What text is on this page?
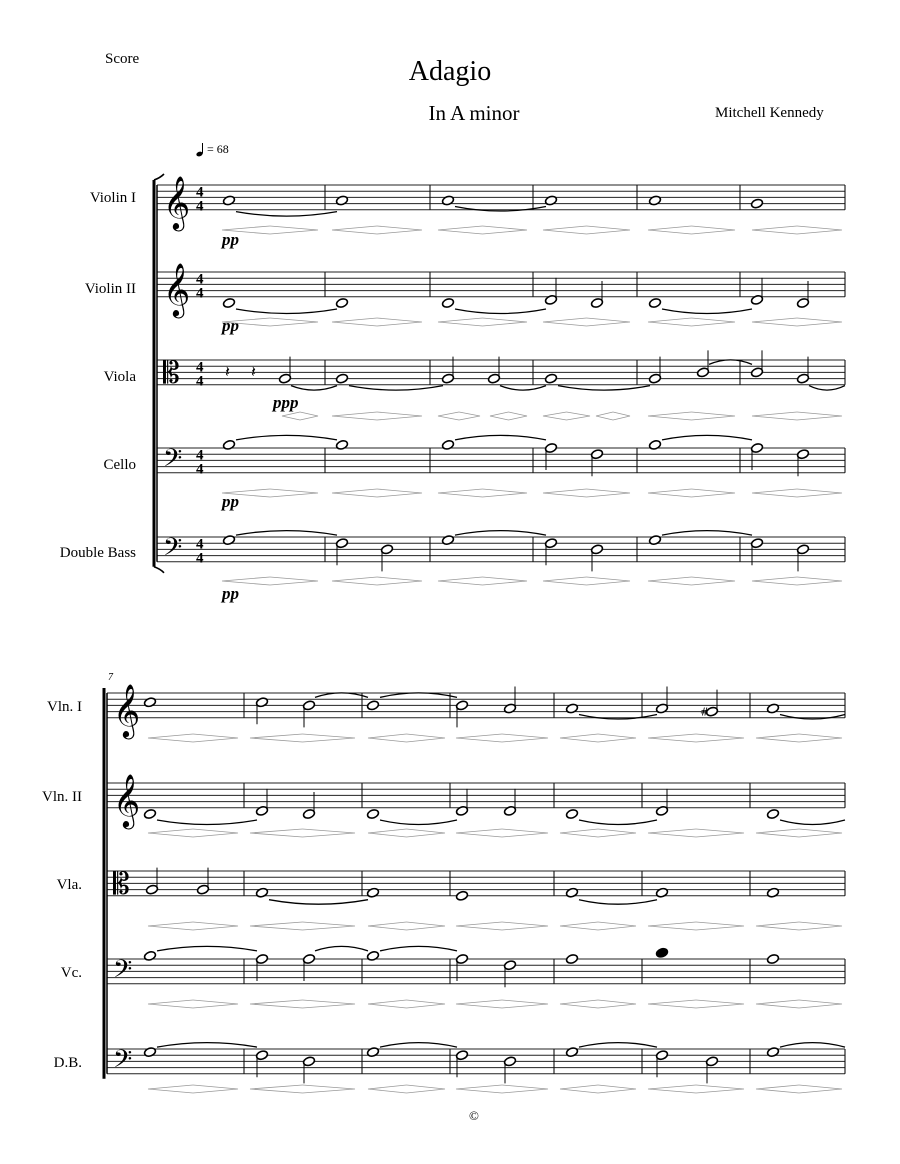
Score	Adagio
In A minor	Mitchell Kennedy
= 68
Violin I
Violin II
Viola
Cello
Double Bass
pp
pp
ppp
pp
pp
7
Vln. I
Vln. II
Vla.
Vc.
D.B.
©
𝄞 4
4
𝄞 4
4
𝄡 4
4
𝄢 4
4
𝄢 4
4
𝄽 𝄽
𝄞
𝄞
𝄡
𝄢
𝄢
#
